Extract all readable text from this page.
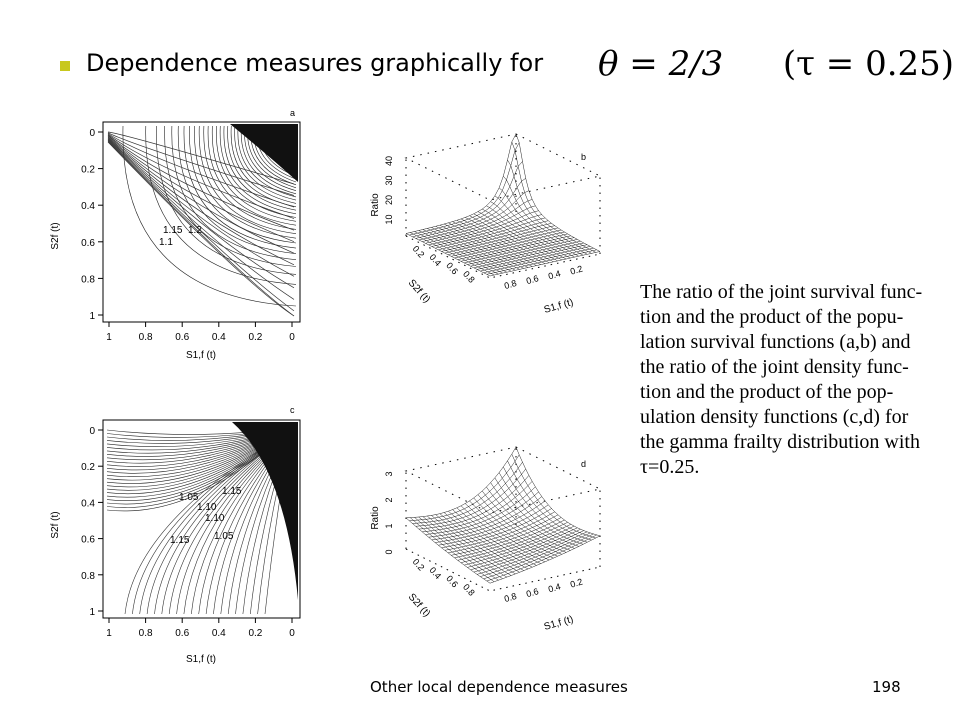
Dependence measures graphically for θ = 2/3 (τ = 0.25)
a
0
0.2
0.4
0.6
0.8
1
1	0.8 0.6 0.4 0.2	0
S2f (t)
S1,f (t)
1.15 1.2
1.1
c
0
0.2
0.4
0.6
0.8
1
1	0.8 0.6 0.4 0.2	0
S2f (t)
S1,f (t)
1.15
1.05
1.10
1.10
1.05
1.15
b
Ratio
10
20
30
40
0.2
0.4
0.6
0.8	0.8 0.6 0.4 0.2
S2f (t)
S1,f (t)
d
Ratio
0
1
2
3
0.2
0.4
0.6
0.8	0.8 0.6 0.4 0.2
S2f (t)
S1,f (t)
The ratio of the joint survival func-
tion and the product of the popu-
lation survival functions (a,b) and
the ratio of the joint density func-
tion and the product of the pop-
ulation density functions (c,d) for
the gamma frailty distribution with
τ=0.25.
Other local dependence measures	198
